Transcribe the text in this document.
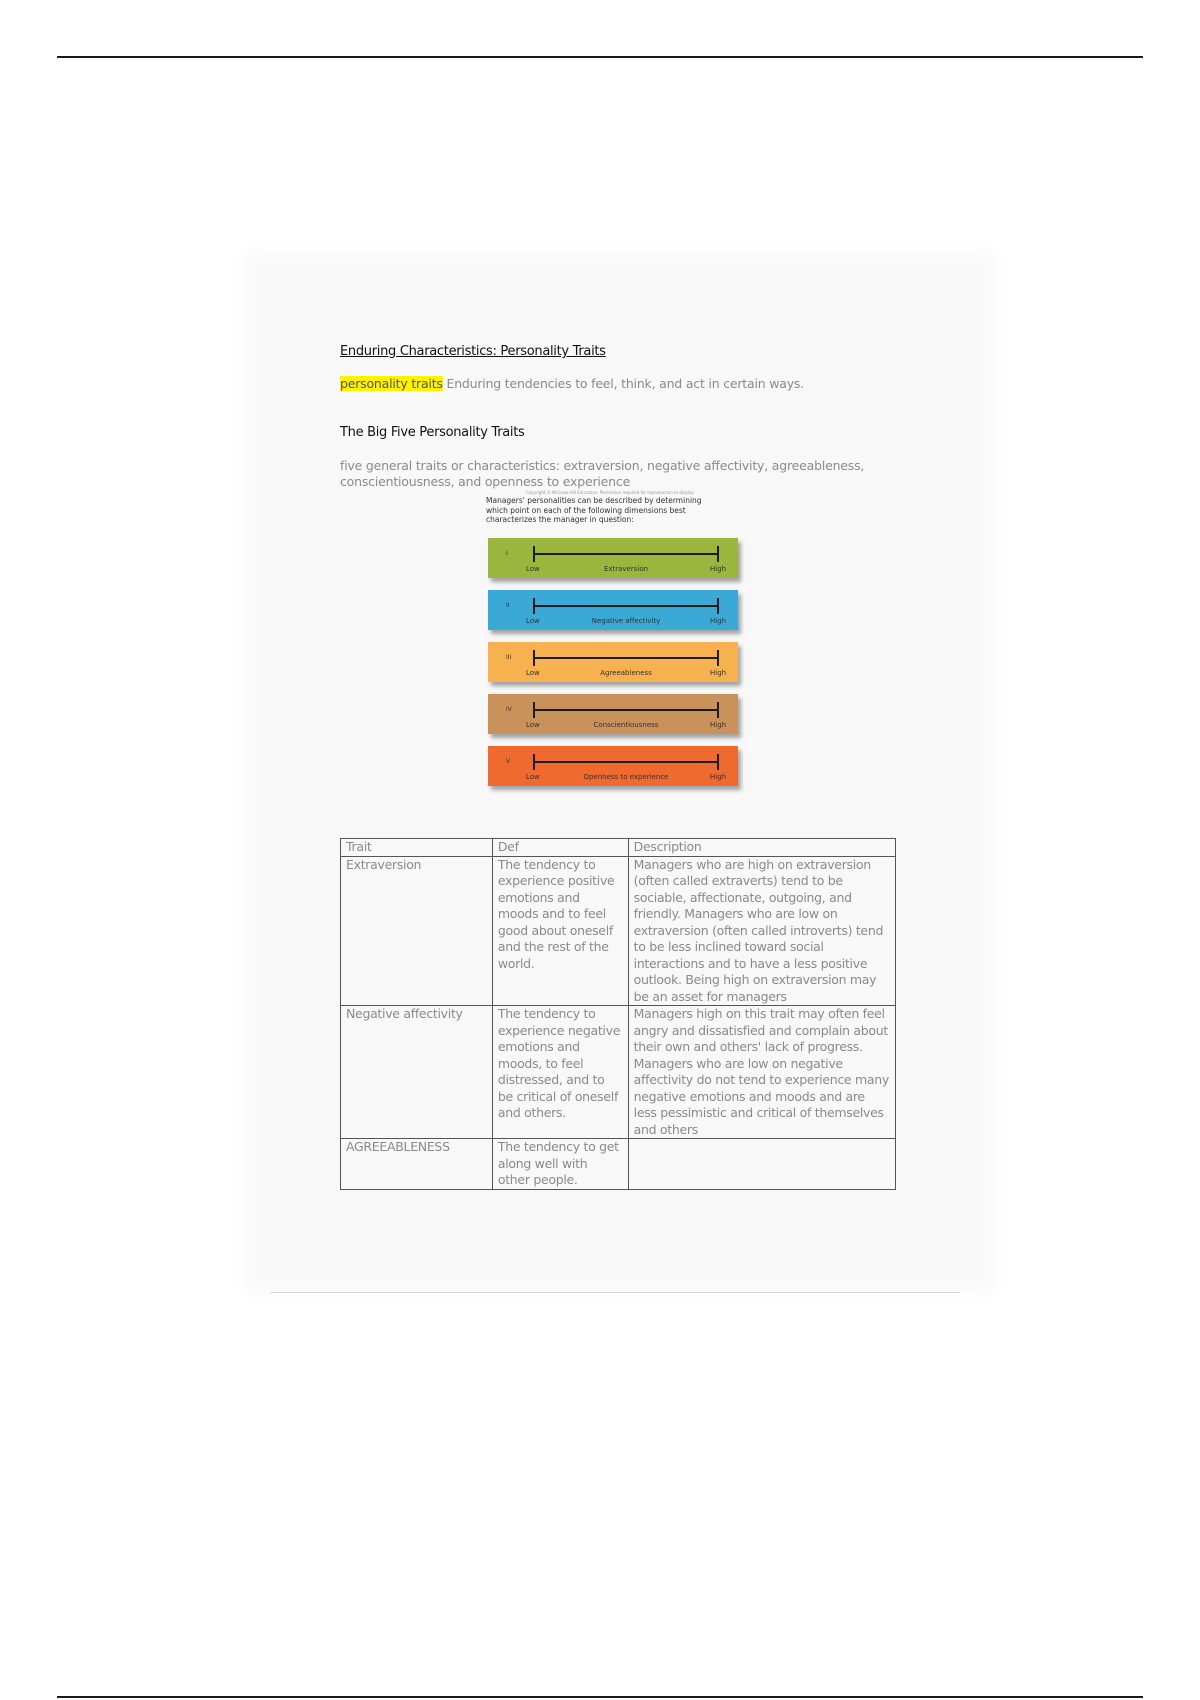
Enduring Characteristics: Personality Traits
personality traits Enduring tendencies to feel, think, and act in certain ways.
The Big Five Personality Traits
five general traits or characteristics: extraversion, negative affectivity, agreeableness, conscientiousness, and openness to experience
Copyright © McGraw-Hill Education. Permission required for reproduction or display.
Managers' personalities can be described by determining which point on each of the following dimensions best characterizes the manager in question:
I
Low	Extraversion	High
II
Low	Negative affectivity	High
III
Low	Agreeableness	High
IV
Low	Conscientiousness	High
V
Low	Openness to experience	High
Trait	Def	Description
Extraversion	The tendency to experience positive emotions and moods and to feel good about oneself and the rest of the world.	Managers who are high on extraversion (often called extraverts) tend to be sociable, affectionate, outgoing, and friendly. Managers who are low on extraversion (often called introverts) tend to be less inclined toward social interactions and to have a less positive outlook. Being high on extraversion may be an asset for managers
Negative affectivity	The tendency to experience negative emotions and moods, to feel distressed, and to be critical of oneself and others.	Managers high on this trait may often feel angry and dissatisfied and complain about their own and others' lack of progress. Managers who are low on negative affectivity do not tend to experience many negative emotions and moods and are less pessimistic and critical of themselves and others
AGREEABLENESS	The tendency to get along well with other people.	
